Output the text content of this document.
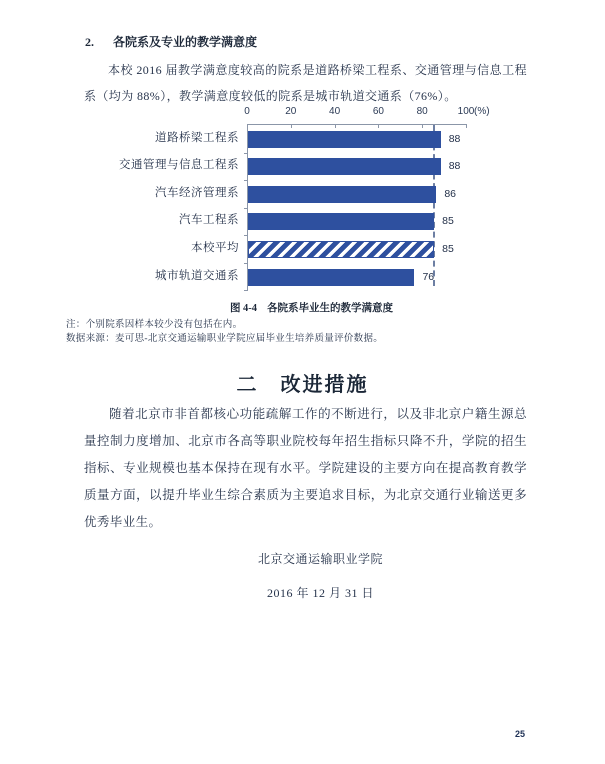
2. 各院系及专业的教学满意度

本校 2016 届教学满意度较高的院系是道路桥梁工程系、交通管理与信息工程系（均为 88%），教学满意度较低的院系是城市轨道交通系（76%）。

(%)
0	20	40	60	80	100
道路桥梁工程系
交通管理与信息工程系
汽车经济管理系
汽车工程系
本校平均
城市轨道交通系
88
88
86
85
85
76
图 4-4 各院系毕业生的教学满意度
注：个别院系因样本较少没有包括在内。
数据来源：麦可思-北京交通运输职业学院应届毕业生培养质量评价数据。
二 改进措施

随着北京市非首都核心功能疏解工作的不断进行，以及非北京户籍生源总量控制力度增加、北京市各高等职业院校每年招生指标只降不升，学院的招生指标、专业规模也基本保持在现有水平。学院建设的主要方向在提高教育教学质量方面，以提升毕业生综合素质为主要追求目标，为北京交通行业输送更多优秀毕业生。

北京交通运输职业学院
2016 年 12 月 31 日
25
